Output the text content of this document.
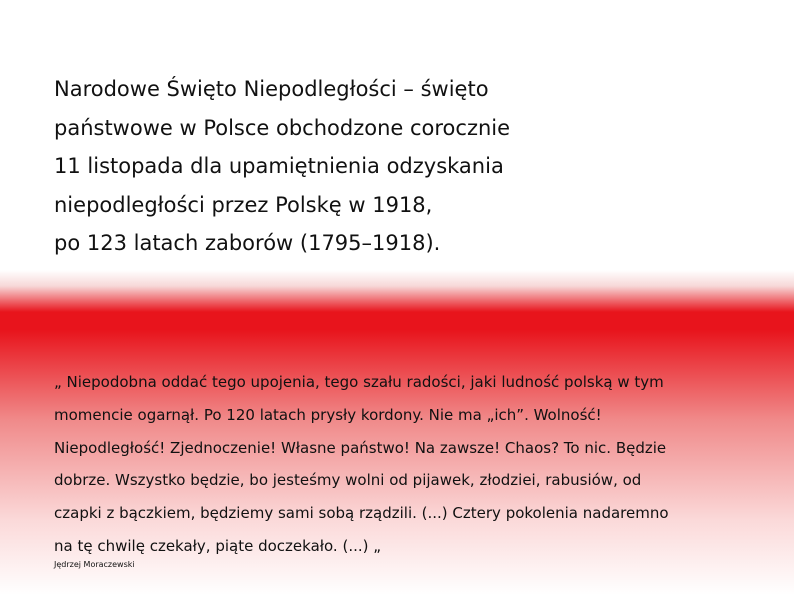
Narodowe Święto Niepodległości – święto
państwowe w Polsce obchodzone corocznie
11 listopada dla upamiętnienia odzyskania
niepodległości przez Polskę w 1918,
po 123 latach zaborów (1795–1918).

„ Niepodobna oddać tego upojenia, tego szału radości, jaki ludność polską w tym
momencie ogarnął. Po 120 latach prysły kordony. Nie ma „ich”. Wolność!
Niepodległość! Zjednoczenie! Własne państwo! Na zawsze! Chaos? To nic. Będzie
dobrze. Wszystko będzie, bo jesteśmy wolni od pijawek, złodziei, rabusiów, od
czapki z bączkiem, będziemy sami sobą rządzili. (...) Cztery pokolenia nadaremno
na tę chwilę czekały, piąte doczekało. (...) „

Jędrzej Moraczewski
